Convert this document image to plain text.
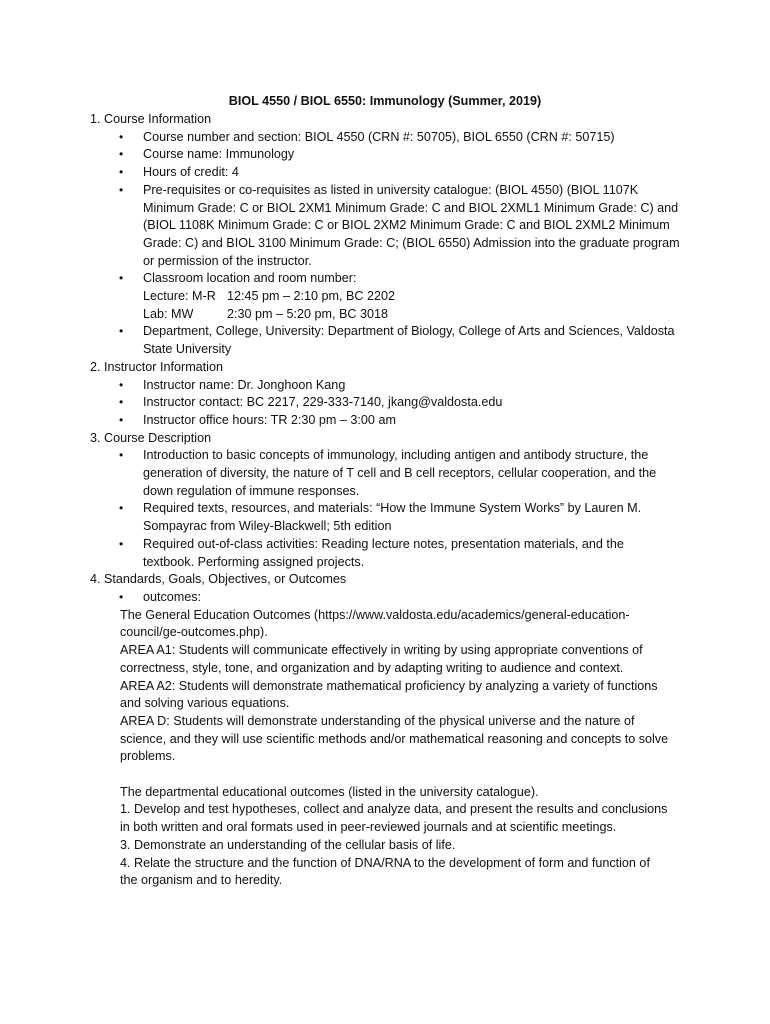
BIOL 4550 / BIOL 6550: Immunology (Summer, 2019)
1. Course Information
• Course number and section: BIOL 4550 (CRN #: 50705), BIOL 6550 (CRN #: 50715)
• Course name: Immunology
• Hours of credit: 4
• Pre-requisites or co-requisites as listed in university catalogue: (BIOL 4550) (BIOL 1107K
Minimum Grade: C or BIOL 2XM1 Minimum Grade: C and BIOL 2XML1 Minimum Grade: C) and
(BIOL 1108K Minimum Grade: C or BIOL 2XM2 Minimum Grade: C and BIOL 2XML2 Minimum
Grade: C) and BIOL 3100 Minimum Grade: C; (BIOL 6550) Admission into the graduate program
or permission of the instructor.
• Classroom location and room number:
Lecture: M-R 12:45 pm – 2:10 pm, BC 2202
Lab: MW	2:30 pm – 5:20 pm, BC 3018
• Department, College, University: Department of Biology, College of Arts and Sciences, Valdosta
State University
2. Instructor Information
• Instructor name: Dr. Jonghoon Kang
• Instructor contact: BC 2217, 229-333-7140, jkang@valdosta.edu
• Instructor office hours: TR 2:30 pm – 3:00 am
3. Course Description
• Introduction to basic concepts of immunology, including antigen and antibody structure, the
generation of diversity, the nature of T cell and B cell receptors, cellular cooperation, and the
down regulation of immune responses.
• Required texts, resources, and materials: “How the Immune System Works” by Lauren M.
Sompayrac from Wiley-Blackwell; 5th edition
• Required out-of-class activities: Reading lecture notes, presentation materials, and the
textbook. Performing assigned projects.
4. Standards, Goals, Objectives, or Outcomes
• outcomes:
The General Education Outcomes (https://www.valdosta.edu/academics/general-education-
council/ge-outcomes.php).
AREA A1: Students will communicate effectively in writing by using appropriate conventions of
correctness, style, tone, and organization and by adapting writing to audience and context.
AREA A2: Students will demonstrate mathematical proficiency by analyzing a variety of functions
and solving various equations.
AREA D: Students will demonstrate understanding of the physical universe and the nature of
science, and they will use scientific methods and/or mathematical reasoning and concepts to solve
problems.
The departmental educational outcomes (listed in the university catalogue).
1. Develop and test hypotheses, collect and analyze data, and present the results and conclusions
in both written and oral formats used in peer-reviewed journals and at scientific meetings.
3. Demonstrate an understanding of the cellular basis of life.
4. Relate the structure and the function of DNA/RNA to the development of form and function of
the organism and to heredity.
